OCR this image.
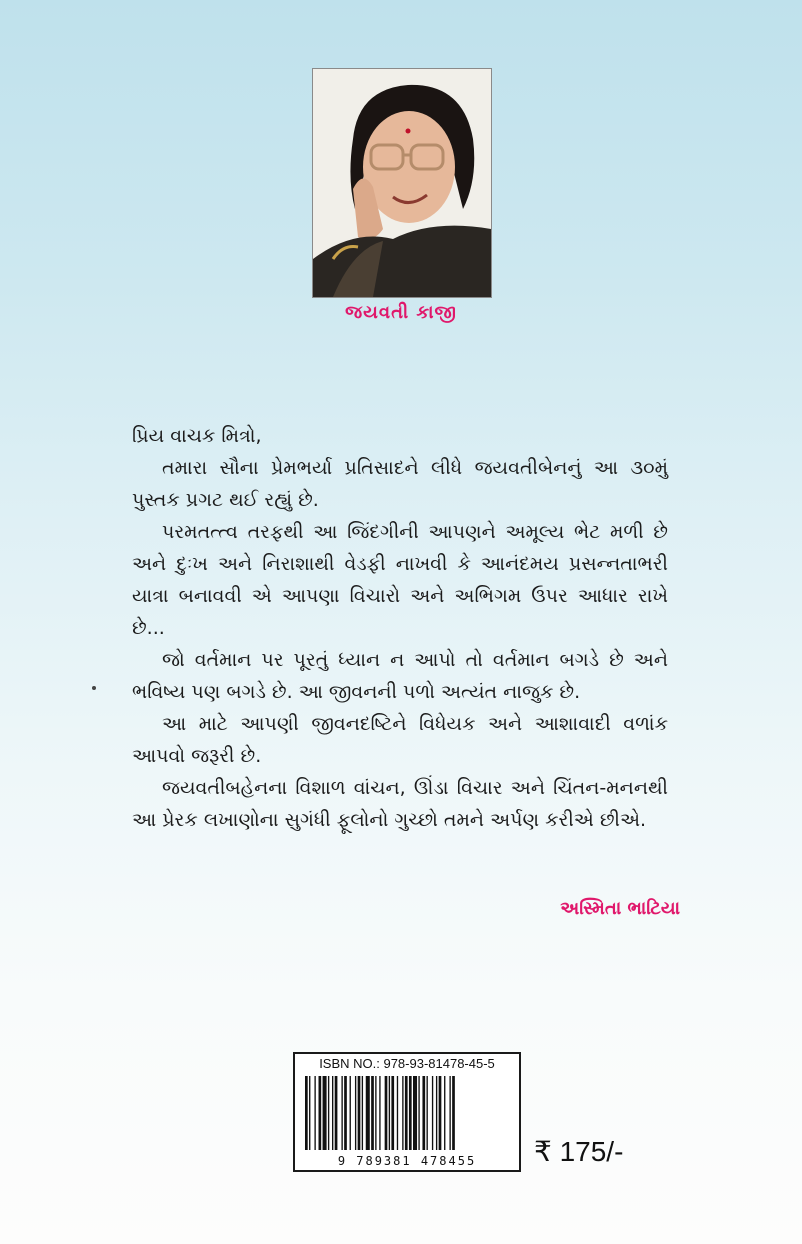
જયવતી કાજી

પ્રિય વાચક મિત્રો,

તમારા સૌના પ્રેમભર્યા પ્રતિસાદને લીધે જયવતીબેનનું આ ૩૦મું પુસ્તક પ્રગટ થઈ રહ્યું છે.

પરમતત્ત્વ તરફથી આ જિંદગીની આપણને અમૂલ્ય ભેટ મળી છે અને દુઃખ અને નિરાશાથી વેડફી નાખવી કે આનંદમય પ્રસન્નતાભરી યાત્રા બનાવવી એ આપણા વિચારો અને અભિગમ ઉપર આધાર રાખે છે...

જો વર્તમાન પર પૂરતું ધ્યાન ન આપો તો વર્તમાન બગડે છે અને ભવિષ્ય પણ બગડે છે. આ જીવનની પળો અત્યંત નાજુક છે.

આ માટે આપણી જીવનદષ્ટિને વિધેયક અને આશાવાદી વળાંક આપવો જરૂરી છે.

જયવતીબહેનના વિશાળ વાંચન, ઊંડા વિચાર અને ચિંતન-મનનથી આ પ્રેરક લખાણોના સુગંધી ફૂલોનો ગુચ્છો તમને અર્પણ કરીએ છીએ.

અસ્મિતા ભાટિયા
ISBN NO.: 978-93-81478-45-5
9 789381 478455	₹ 175/-
